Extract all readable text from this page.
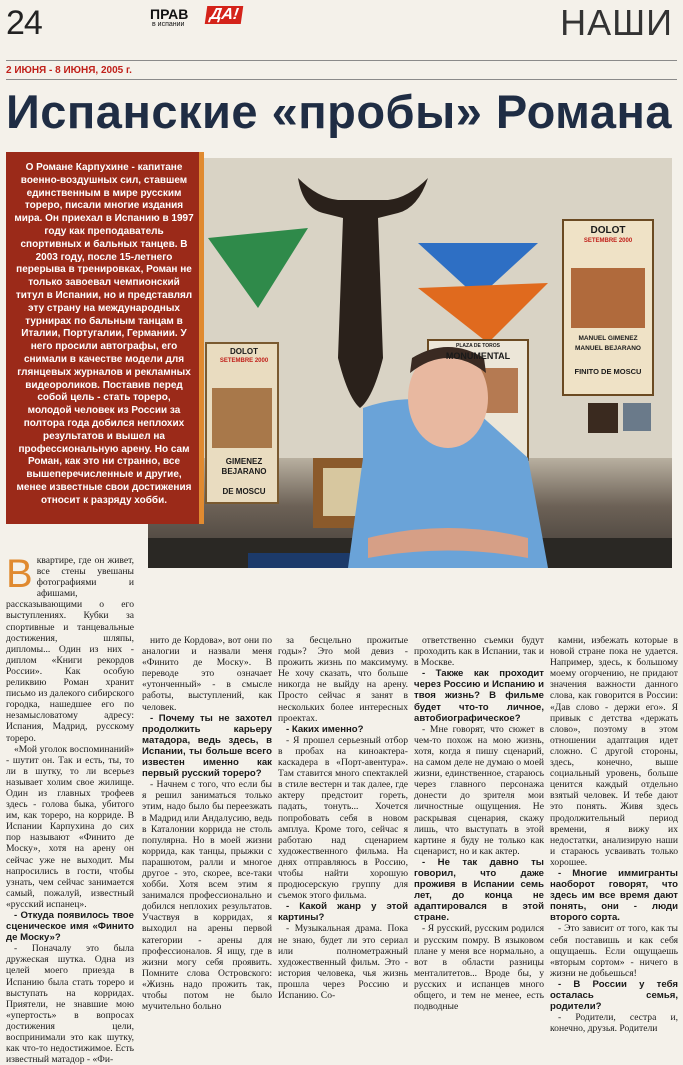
24	ПРАВ
в испании
ДА!	НАШИ
2 ИЮНЯ - 8 ИЮНЯ, 2005 г.
Испанские «пробы» Романа
DOLOT
SETEMBRE 2000
GIMENEZ
BEJARANO
DE MOSCU
DOLOT
SETEMBRE 2000
MANUEL GIMENEZ
MANUEL BEJARANO
FINITO DE MOSCU
PLAZA DE TOROS
MONUMENTAL

О Романе Карпухине - капитане военно-воздушных сил, ставшем единственным в мире русским тореро, писали многие издания мира. Он приехал в Испанию в 1997 году как преподаватель спортивных и бальных танцев. В 2003 году, после 15-летнего перерыва в тренировках, Роман не только завоевал чемпионский титул в Испании, но и представлял эту страну на международных турнирах по бальным танцам в Италии, Португалии, Германии. У него просили автографы, его снимали в качестве модели для глянцевых журналов и рекламных видеороликов. Поставив перед собой цель - стать тореро, молодой человек из России за полтора года добился неплохих результатов и вышел на профессиональную арену. Но сам Роман, как это ни странно, все вышеперечисленные и другие, менее известные свои достижения относит к разряду хобби.

В квартире, где он живет, все стены увешаны фотографиями и афишами, рассказывающими о его выступлениях. Кубки за спортивные и танцевальные достижения, шляпы, дипломы... Один из них - диплом «Книги рекордов России». Как особую реликвию Роман хранит письмо из далекого сибирского городка, нашедшее его по незамысловатому адресу: Испания, Мадрид, русскому тореро.

«Мой уголок воспоминаний» - шутит он. Так и есть, ты, то ли в шутку, то ли всерьез называет холим свое жилище. Один из главных трофеев здесь - голова быка, убитого им, как тореро, на корриде. В Испании Карпухина до сих пор называют «Финито де Моску», хотя на арену он сейчас уже не выходит. Мы напросились в гости, чтобы узнать, чем сейчас занимается самый, пожалуй, известный «русский испанец».

- Откуда появилось твое сценическое имя «Финито де Моску»?

- Поначалу это была дружеская шутка. Одна из целей моего приезда в Испанию была стать тореро и выступать на корридах. Приятели, не знавшие мою «упертость» в вопросах достижения цели, воспринимали это как шутку, как что-то недостижимое. Есть известный матадор - «Фи-

нито де Кордова», вот они по аналогии и назвали меня «Финито де Моску». В переводе это означает «утонченный» - в смысле работы, выступлений, как человек.

- Почему ты не захотел продолжить карьеру матадора, ведь здесь, в Испании, ты больше всего известен именно как первый русский тореро?

- Начнем с того, что если бы я решил заниматься только этим, надо было бы переезжать в Мадрид или Андалусию, ведь в Каталонии коррида не столь популярна. Но в моей жизни коррида, как танцы, прыжки с парашютом, ралли и многое другое - это, скорее, все-таки хобби. Хотя всем этим я занимался профессионально и добился неплохих результатов. Участвуя в корридах, я выходил на арены первой категории - арены для профессионалов. Я ищу, где в жизни могу себя проявить. Помните слова Островского: «Жизнь надо прожить так, чтобы потом не было мучительно больно

за бесцельно прожитые годы»? Это мой девиз - прожить жизнь по максимуму. Не хочу сказать, что больше никогда не выйду на арену. Просто сейчас я занят в нескольких более интересных проектах.

- Каких именно?

- Я прошел серьезный отбор в пробах на киноактера-каскадера в «Порт-авентура». Там ставится много спектаклей в стиле вестерн и так далее, где актеру предстоит гореть, падать, тонуть... Хочется попробовать себя в новом амплуа. Кроме того, сейчас я работаю над сценарием художественного фильма. На днях отправляюсь в Россию, чтобы найти хорошую продюсерскую группу для съемок этого фильма.

- Какой жанр у этой картины?

- Музыкальная драма. Пока не знаю, будет ли это сериал или полнометражный художественный фильм. Это - история человека, чья жизнь прошла через Россию и Испанию. Со-

ответственно съемки будут проходить как в Испании, так и в Москве.

- Также как проходит через Россию и Испанию и твоя жизнь? В фильме будет что-то личное, автобиографическое?

- Мне говорят, что сюжет в чем-то похож на мою жизнь, хотя, когда я пишу сценарий, на самом деле не думаю о моей жизни, единственное, стараюсь через главного персонажа донести до зрителя мои личностные ощущения. Не раскрывая сценария, скажу лишь, что выступать в этой картине я буду не только как сценарист, но и как актер.

- Не так давно ты говорил, что даже проживя в Испании семь лет, до конца не адаптировался в этой стране.

- Я русский, русским родился и русским помру. В языковом плане у меня все нормально, а вот в области разницы менталитетов... Вроде бы, у русских и испанцев много общего, и тем не менее, есть подводные

камни, избежать которые в новой стране пока не удается. Например, здесь, к большому моему огорчению, не придают значения важности данного слова, как говорится в России: «Дав слово - держи его». Я привык с детства «держать слово», поэтому в этом отношении адаптация идет сложно. С другой стороны, здесь, конечно, выше социальный уровень, больше ценится каждый отдельно взятый человек. И тебе дают это понять. Живя здесь продолжительный период времени, я вижу их недостатки, анализирую наши и стараюсь усваивать только хорошее.

- Многие иммигранты наоборот говорят, что здесь им все время дают понять, они - люди второго сорта.

- Это зависит от того, как ты себя поставишь и как себя ощущаешь. Если ощущаешь «вторым сортом» - ничего в жизни не добьешься!

- В России у тебя осталась семья, родители?

- Родители, сестра и, конечно, друзья. Родители
